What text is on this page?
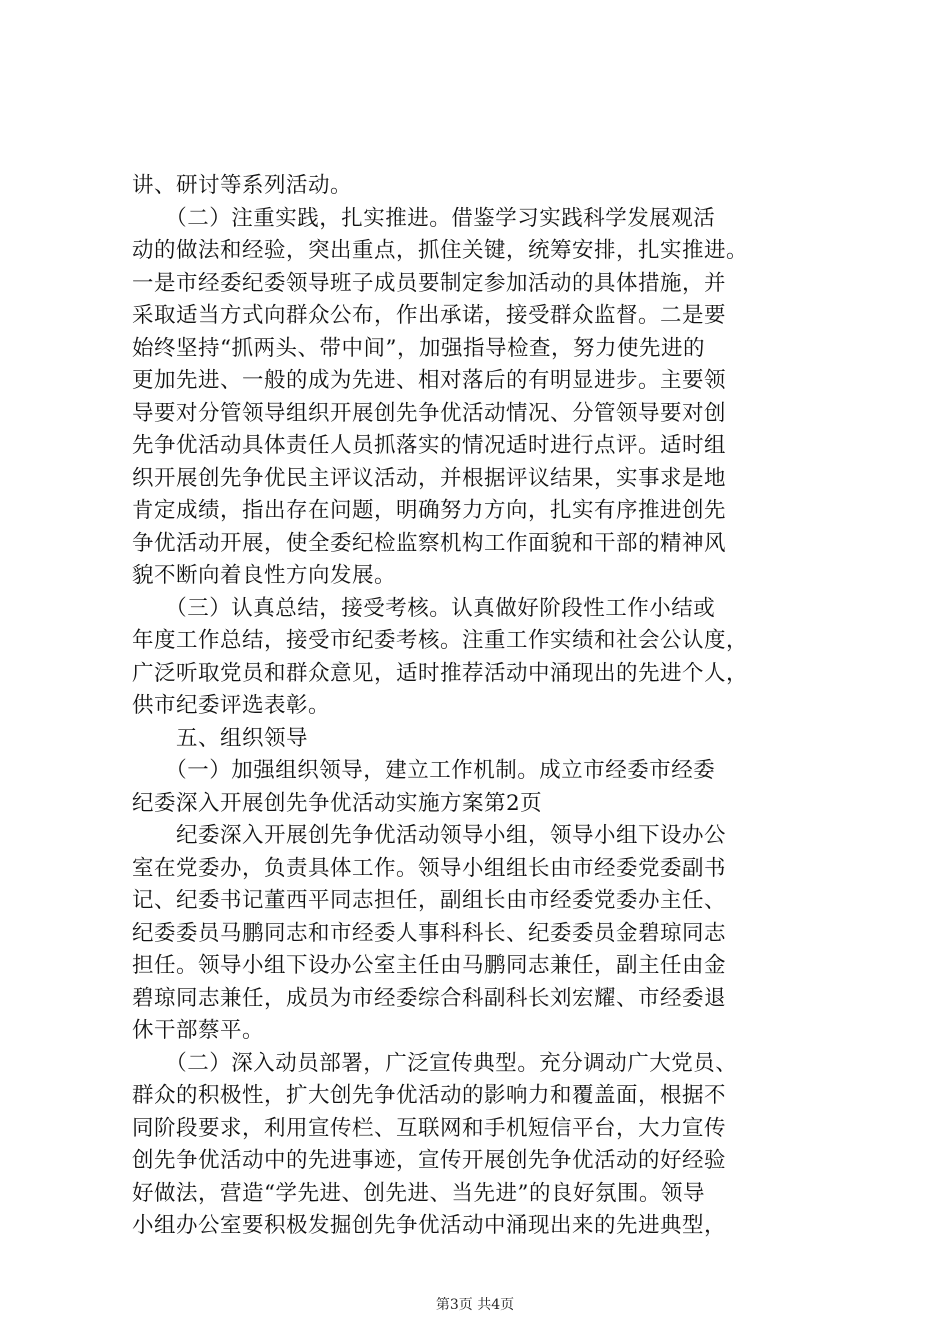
讲、研讨等系列活动。
　　（二）注重实践，扎实推进。借鉴学习实践科学发展观活
动的做法和经验，突出重点，抓住关键，统筹安排，扎实推进。
一是市经委纪委领导班子成员要制定参加活动的具体措施，并
采取适当方式向群众公布，作出承诺，接受群众监督。二是要
始终坚持“抓两头、带中间”，加强指导检查，努力使先进的
更加先进、一般的成为先进、相对落后的有明显进步。主要领
导要对分管领导组织开展创先争优活动情况、分管领导要对创
先争优活动具体责任人员抓落实的情况适时进行点评。适时组
织开展创先争优民主评议活动，并根据评议结果，实事求是地
肯定成绩，指出存在问题，明确努力方向，扎实有序推进创先
争优活动开展，使全委纪检监察机构工作面貌和干部的精神风
貌不断向着良性方向发展。
　　（三）认真总结，接受考核。认真做好阶段性工作小结或
年度工作总结，接受市纪委考核。注重工作实绩和社会公认度，
广泛听取党员和群众意见，适时推荐活动中涌现出的先进个人，
供市纪委评选表彰。
　　五、组织领导
　　（一）加强组织领导，建立工作机制。成立市经委市经委
纪委深入开展创先争优活动实施方案第2页
　　纪委深入开展创先争优活动领导小组，领导小组下设办公
室在党委办，负责具体工作。领导小组组长由市经委党委副书
记、纪委书记董西平同志担任，副组长由市经委党委办主任、
纪委委员马鹏同志和市经委人事科科长、纪委委员金碧琼同志
担任。领导小组下设办公室主任由马鹏同志兼任，副主任由金
碧琼同志兼任，成员为市经委综合科副科长刘宏耀、市经委退
休干部蔡平。
　　（二）深入动员部署，广泛宣传典型。充分调动广大党员、
群众的积极性，扩大创先争优活动的影响力和覆盖面，根据不
同阶段要求，利用宣传栏、互联网和手机短信平台，大力宣传
创先争优活动中的先进事迹，宣传开展创先争优活动的好经验
好做法，营造“学先进、创先进、当先进”的良好氛围。领导
小组办公室要积极发掘创先争优活动中涌现出来的先进典型，
第3页 共4页
